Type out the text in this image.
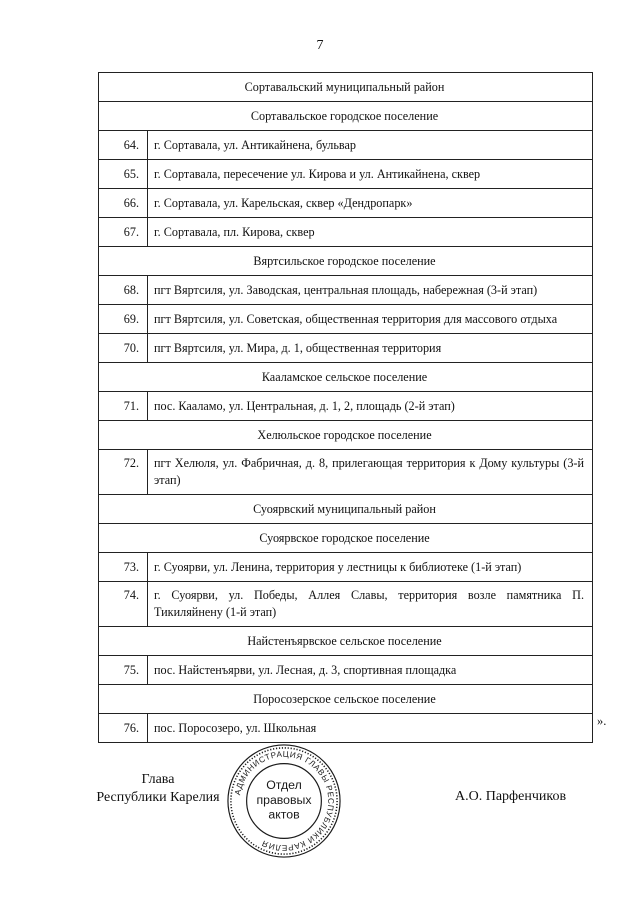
7
Сортавальский муниципальный район	
Сортавальское городское поселение	
64.	г. Сортавала, ул. Антикайнена, бульвар
65.	г. Сортавала, пересечение ул. Кирова и ул. Антикайнена, сквер
66.	г. Сортавала, ул. Карельская, сквер «Дендропарк»
67.	г. Сортавала, пл. Кирова, сквер
Вяртсильское городское поселение	
68.	пгт Вяртсиля, ул. Заводская, центральная площадь, набережная (3-й этап)
69.	пгт Вяртсиля, ул. Советская, общественная территория для массового отдыха
70.	пгт Вяртсиля, ул. Мира, д. 1, общественная территория
Кааламское сельское поселение	
71.	пос. Кааламо, ул. Центральная, д. 1, 2, площадь (2-й этап)
Хелюльское городское поселение	
72.	пгт Хелюля, ул. Фабричная, д. 8, прилегающая территория к Дому культуры (3-й этап)
Суоярвский муниципальный район	
Суоярвское городское поселение	
73.	г. Суоярви, ул. Ленина, территория у лестницы к библиотеке (1-й этап)
74.	г. Суоярви, ул. Победы, Аллея Славы, территория возле памятника П. Тикиляйнену (1-й этап)
Найстенъярвское сельское поселение	
75.	пос. Найстенъярви, ул. Лесная, д. 3, спортивная площадка
Поросозерское сельское поселение	
76.	пос. Поросозеро, ул. Школьная	».
Глава
Республики Карелия	АДМИНИСТРАЦИЯ ГЛАВЫ РЕСПУБЛИКИ КАРЕЛИЯ
Отдел
правовых
актов
А.О. Парфенчиков
